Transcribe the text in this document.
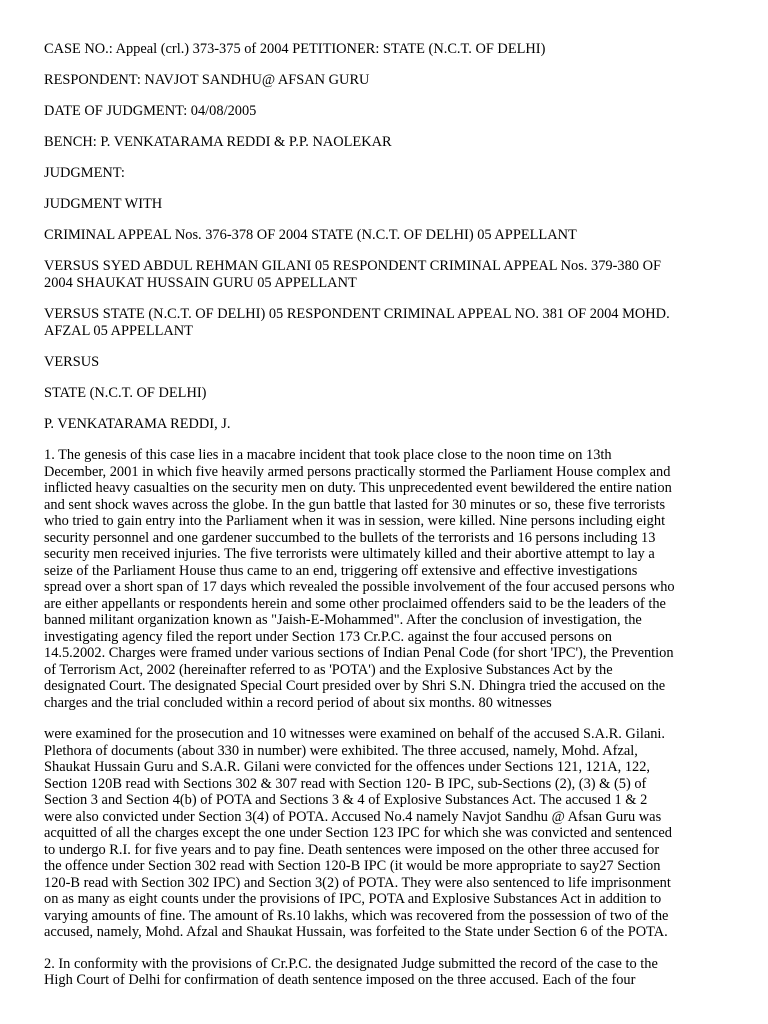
CASE NO.: Appeal (crl.) 373-375 of 2004 PETITIONER: STATE (N.C.T. OF DELHI)

RESPONDENT: NAVJOT SANDHU@ AFSAN GURU

DATE OF JUDGMENT: 04/08/2005

BENCH: P. VENKATARAMA REDDI & P.P. NAOLEKAR

JUDGMENT:

JUDGMENT WITH

CRIMINAL APPEAL Nos. 376-378 OF 2004 STATE (N.C.T. OF DELHI) 05 APPELLANT

VERSUS SYED ABDUL REHMAN GILANI 05 RESPONDENT CRIMINAL APPEAL Nos. 379-380 OF
2004 SHAUKAT HUSSAIN GURU 05 APPELLANT
VERSUS STATE (N.C.T. OF DELHI) 05 RESPONDENT CRIMINAL APPEAL NO. 381 OF 2004 MOHD.
AFZAL 05 APPELLANT

VERSUS

STATE (N.C.T. OF DELHI)

P. VENKATARAMA REDDI, J.

1. The genesis of this case lies in a macabre incident that took place close to the noon time on 13th
December, 2001 in which five heavily armed persons practically stormed the Parliament House complex and
inflicted heavy casualties on the security men on duty. This unprecedented event bewildered the entire nation
and sent shock waves across the globe. In the gun battle that lasted for 30 minutes or so, these five terrorists
who tried to gain entry into the Parliament when it was in session, were killed. Nine persons including eight
security personnel and one gardener succumbed to the bullets of the terrorists and 16 persons including 13
security men received injuries. The five terrorists were ultimately killed and their abortive attempt to lay a
seize of the Parliament House thus came to an end, triggering off extensive and effective investigations
spread over a short span of 17 days which revealed the possible involvement of the four accused persons who
are either appellants or respondents herein and some other proclaimed offenders said to be the leaders of the
banned militant organization known as "Jaish-E-Mohammed". After the conclusion of investigation, the
investigating agency filed the report under Section 173 Cr.P.C. against the four accused persons on
14.5.2002. Charges were framed under various sections of Indian Penal Code (for short 'IPC'), the Prevention
of Terrorism Act, 2002 (hereinafter referred to as 'POTA') and the Explosive Substances Act by the
designated Court. The designated Special Court presided over by Shri S.N. Dhingra tried the accused on the
charges and the trial concluded within a record period of about six months. 80 witnesses
were examined for the prosecution and 10 witnesses were examined on behalf of the accused S.A.R. Gilani.
Plethora of documents (about 330 in number) were exhibited. The three accused, namely, Mohd. Afzal,
Shaukat Hussain Guru and S.A.R. Gilani were convicted for the offences under Sections 121, 121A, 122,
Section 120B read with Sections 302 & 307 read with Section 120- B IPC, sub-Sections (2), (3) & (5) of
Section 3 and Section 4(b) of POTA and Sections 3 & 4 of Explosive Substances Act. The accused 1 & 2
were also convicted under Section 3(4) of POTA. Accused No.4 namely Navjot Sandhu @ Afsan Guru was
acquitted of all the charges except the one under Section 123 IPC for which she was convicted and sentenced
to undergo R.I. for five years and to pay fine. Death sentences were imposed on the other three accused for
the offence under Section 302 read with Section 120-B IPC (it would be more appropriate to say27 Section
120-B read with Section 302 IPC) and Section 3(2) of POTA. They were also sentenced to life imprisonment
on as many as eight counts under the provisions of IPC, POTA and Explosive Substances Act in addition to
varying amounts of fine. The amount of Rs.10 lakhs, which was recovered from the possession of two of the
accused, namely, Mohd. Afzal and Shaukat Hussain, was forfeited to the State under Section 6 of the POTA.
2. In conformity with the provisions of Cr.P.C. the designated Judge submitted the record of the case to the
High Court of Delhi for confirmation of death sentence imposed on the three accused. Each of the four
